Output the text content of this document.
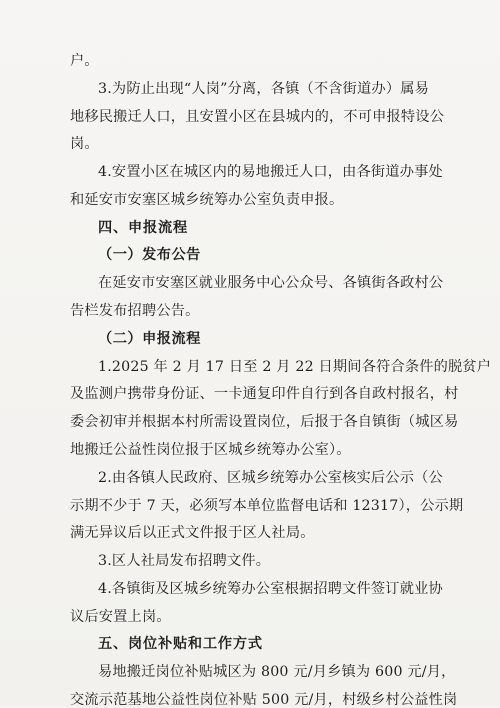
户。
3.为防止出现“人岗”分离，各镇（不含街道办）属易
地移民搬迁人口，且安置小区在县城内的，不可申报特设公
岗。
4.安置小区在城区内的易地搬迁人口，由各街道办事处
和延安市安塞区城乡统筹办公室负责申报。
四、申报流程
（一）发布公告
在延安市安塞区就业服务中心公众号、各镇街各政村公
告栏发布招聘公告。
（二）申报流程
1.2025 年 2 月 17 日至 2 月 22 日期间各符合条件的脱贫户
及监测户携带身份证、一卡通复印件自行到各自政村报名，村
委会初审并根据本村所需设置岗位，后报于各自镇街（城区易
地搬迁公益性岗位报于区城乡统筹办公室）。
2.由各镇人民政府、区城乡统筹办公室核实后公示（公
示期不少于 7 天，必须写本单位监督电话和 12317），公示期
满无异议后以正式文件报于区人社局。
3.区人社局发布招聘文件。
4.各镇街及区城乡统筹办公室根据招聘文件签订就业协
议后安置上岗。
五、岗位补贴和工作方式
易地搬迁岗位补贴城区为 800 元/月乡镇为 600 元/月，
交流示范基地公益性岗位补贴 500 元/月，村级乡村公益性岗
